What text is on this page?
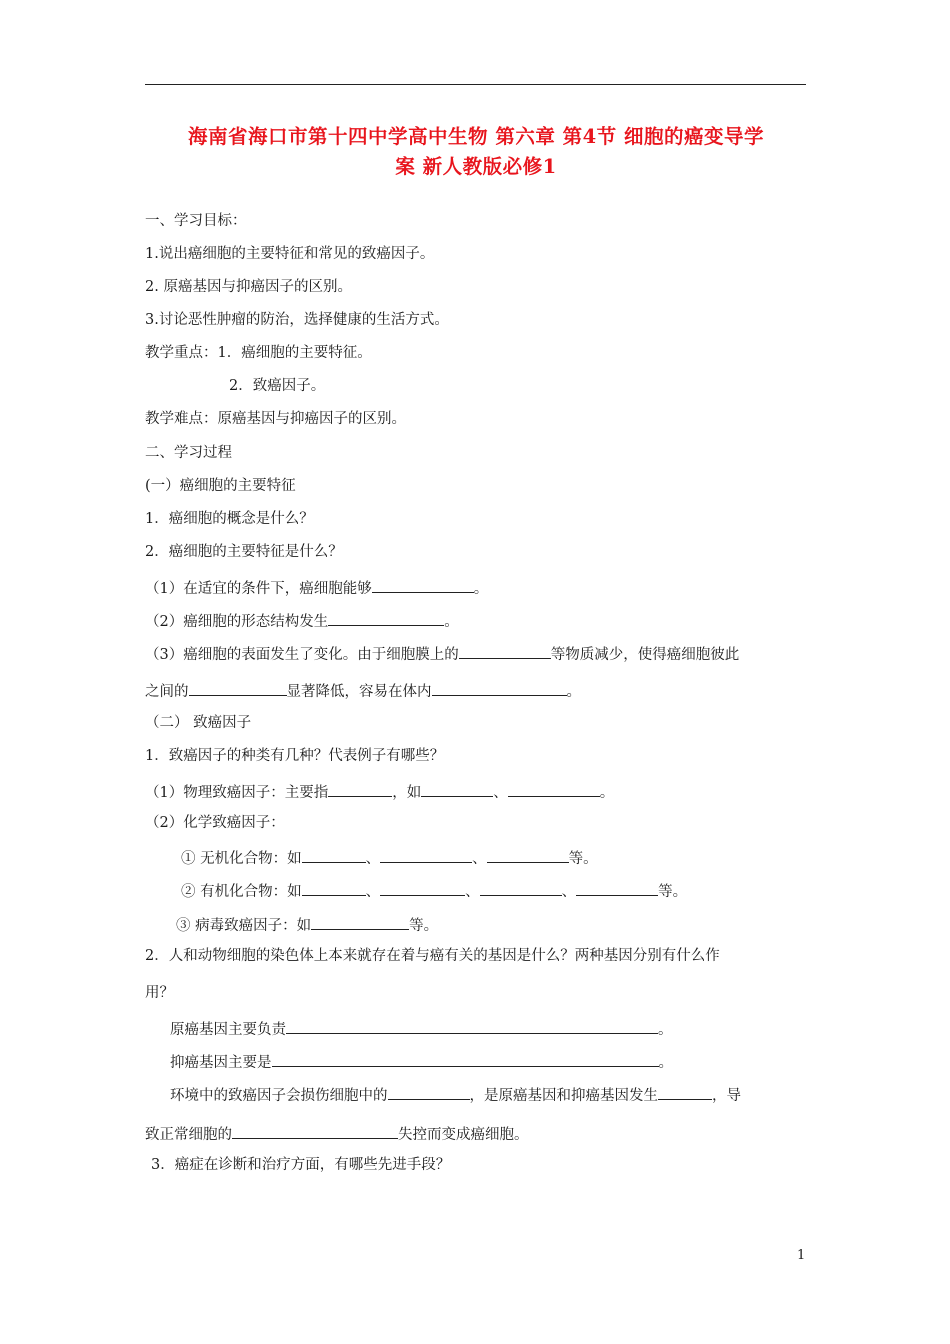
海南省海口市第十四中学高中生物 第六章 第4节 细胞的癌变导学
案 新人教版必修1
一、学习目标：
1.说出癌细胞的主要特征和常见的致癌因子。
2. 原癌基因与抑癌因子的区别。
3.讨论恶性肿瘤的防治，选择健康的生活方式。
教学重点：1．癌细胞的主要特征。
2．致癌因子。
教学难点：原癌基因与抑癌因子的区别。
二、学习过程
(一）癌细胞的主要特征
1．癌细胞的概念是什么？
2．癌细胞的主要特征是什么？
（1）在适宜的条件下，癌细胞能够	。
（2）癌细胞的形态结构发生	。
（3）癌细胞的表面发生了变化。由于细胞膜上的	等物质减少，使得癌细胞彼此
之间的	显著降低，容易在体内	。
（二） 致癌因子
1．致癌因子的种类有几种？代表例子有哪些？
（1）物理致癌因子：主要指	，如	、	。
（2）化学致癌因子：
① 无机化合物：如	、	、	等。
② 有机化合物：如	、	、	、	等。
③ 病毒致癌因子：如	等。
2．人和动物细胞的染色体上本来就存在着与癌有关的基因是什么？两种基因分别有什么作
用？
原癌基因主要负责	。
抑癌基因主要是	。
环境中的致癌因子会损伤细胞中的	，是原癌基因和抑癌基因发生	，导
致正常细胞的	失控而变成癌细胞。
3．癌症在诊断和治疗方面，有哪些先进手段？
1
